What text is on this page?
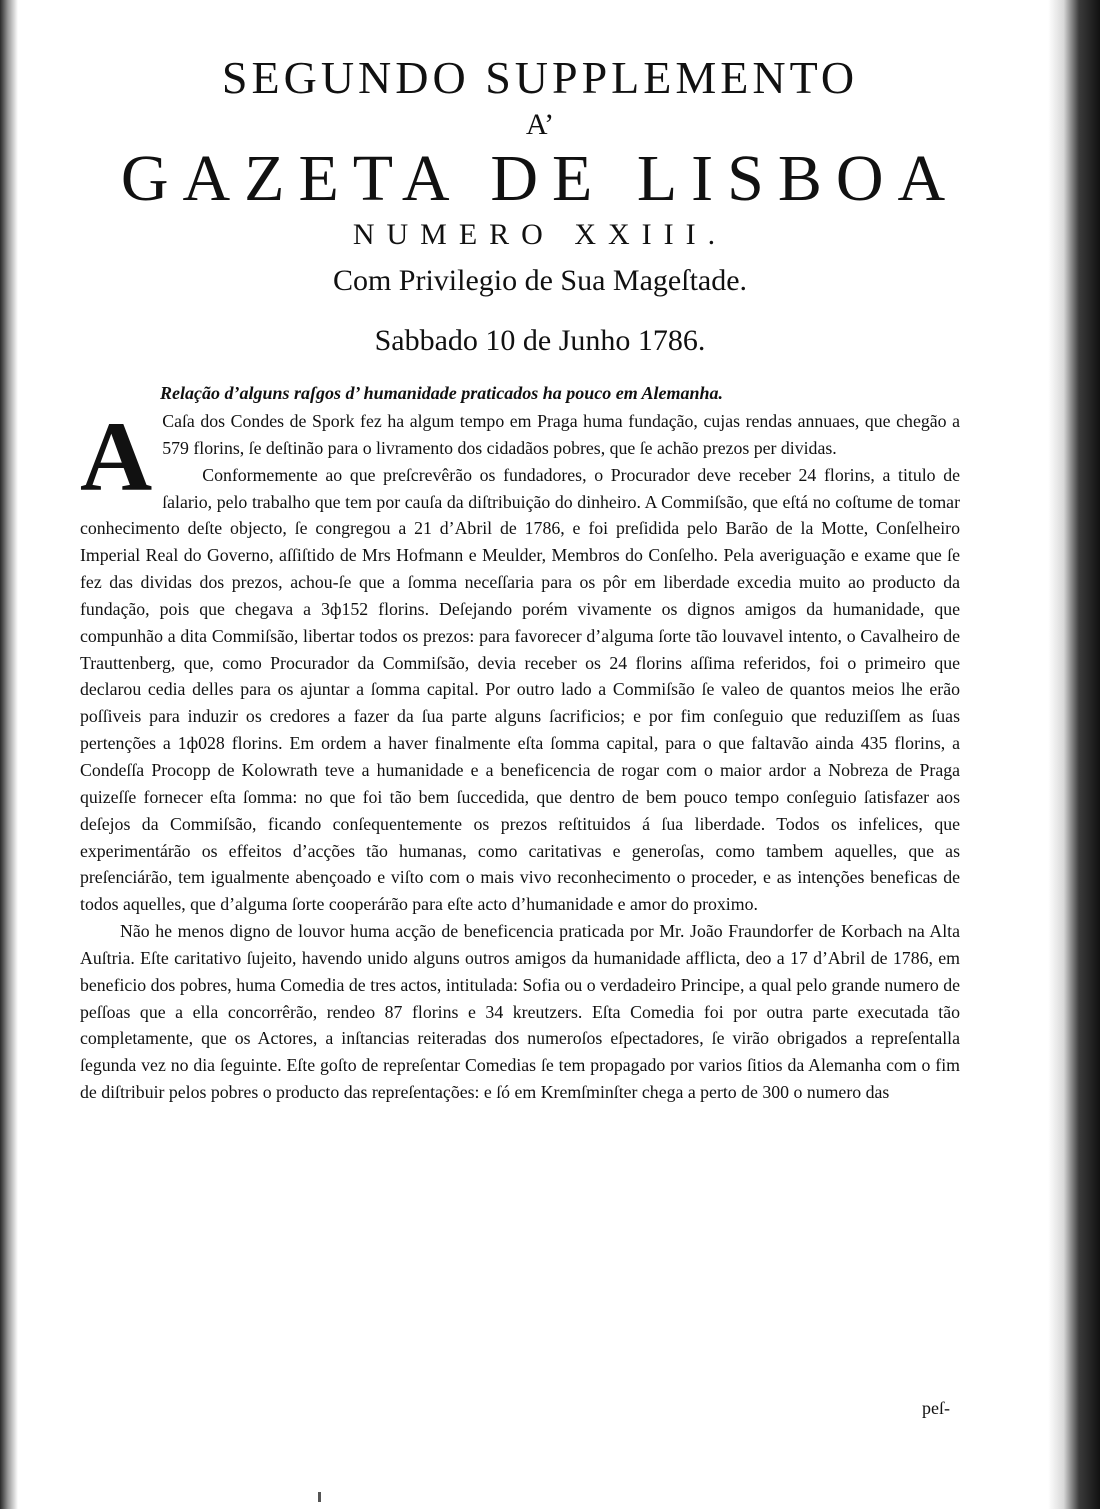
SEGUNDO SUPPLEMENTO
A’
GAZETA DE LISBOA
NUMERO XXIII.
Com Privilegio de Sua Mageſtade.
Sabbado 10 de Junho 1786.

Relação d’alguns raſgos d’ humanidade praticados ha pouco em Alemanha.

A Caſa dos Condes de Spork fez ha algum tempo em Praga huma fundação, cujas rendas annuaes, que chegão a 579 florins, ſe deſtinão para o livramento dos cidadãos pobres, que ſe achão prezos per dividas.

Conformemente ao que preſcrevêrão os fundadores, o Procurador deve receber 24 florins, a titulo de ſalario, pelo trabalho que tem por cauſa da diſtribuição do dinheiro. A Commiſsão, que eſtá no coſtume de tomar conhecimento deſte objecto, ſe congregou a 21 d’Abril de 1786, e foi preſidida pelo Barão de la Motte, Conſelheiro Imperial Real do Governo, aſſiſtido de Mrs Hofmann e Meulder, Membros do Conſelho. Pela averiguação e exame que ſe fez das dividas dos prezos, achou-ſe que a ſomma neceſſaria para os pôr em liberdade excedia muito ao producto da fundação, pois que chegava a 3ф152 florins. Deſejando porém vivamente os dignos amigos da humanidade, que compunhão a dita Commiſsão, libertar todos os prezos: para favorecer d’alguma ſorte tão louvavel intento, o Cavalheiro de Trauttenberg, que, como Procurador da Commiſsão, devia receber os 24 florins aſſima referidos, foi o primeiro que declarou cedia delles para os ajuntar a ſomma capital. Por outro lado a Commiſsão ſe valeo de quantos meios lhe erão poſſiveis para induzir os credores a fazer da ſua parte alguns ſacrificios; e por fim conſeguio que reduziſſem as ſuas pertenções a 1ф028 florins. Em ordem a haver finalmente eſta ſomma capital, para o que faltavão ainda 435 florins, a Condeſſa Procopp de Kolowrath teve a humanidade e a beneficencia de rogar com o maior ardor a Nobreza de Praga quizeſſe fornecer eſta ſomma: no que foi tão bem ſuccedida, que dentro de bem pouco tempo conſeguio ſatisfazer aos deſejos da Commiſsão, ficando conſequentemente os prezos reſtituidos á ſua liberdade. Todos os infelices, que experimentárão os effeitos d’acções tão humanas, como caritativas e generoſas, como tambem aquelles, que as preſenciárão, tem igualmente abençoado e viſto com o mais vivo reconhecimento o proceder, e as intenções beneficas de todos aquelles, que d’alguma ſorte cooperárão para eſte acto d’humanidade e amor do proximo.

Não he menos digno de louvor huma acção de beneficencia praticada por Mr. João Fraundorfer de Korbach na Alta Auſtria. Eſte caritativo ſujeito, havendo unido alguns outros amigos da humanidade afflicta, deo a 17 d’Abril de 1786, em beneficio dos pobres, huma Comedia de tres actos, intitulada: Sofia ou o verdadeiro Principe, a qual pelo grande numero de peſſoas que a ella concorrêrão, rendeo 87 florins e 34 kreutzers. Eſta Comedia foi por outra parte executada tão completamente, que os Actores, a inſtancias reiteradas dos numeroſos eſpectadores, ſe virão obrigados a repreſentalla ſegunda vez no dia ſeguinte. Eſte goſto de repreſentar Comedias ſe tem propagado por varios ſitios da Alemanha com o fim de diſtribuir pelos pobres o producto das repreſentações: e ſó em Kremſminſter chega a perto de 300 o numero das

peſ-
